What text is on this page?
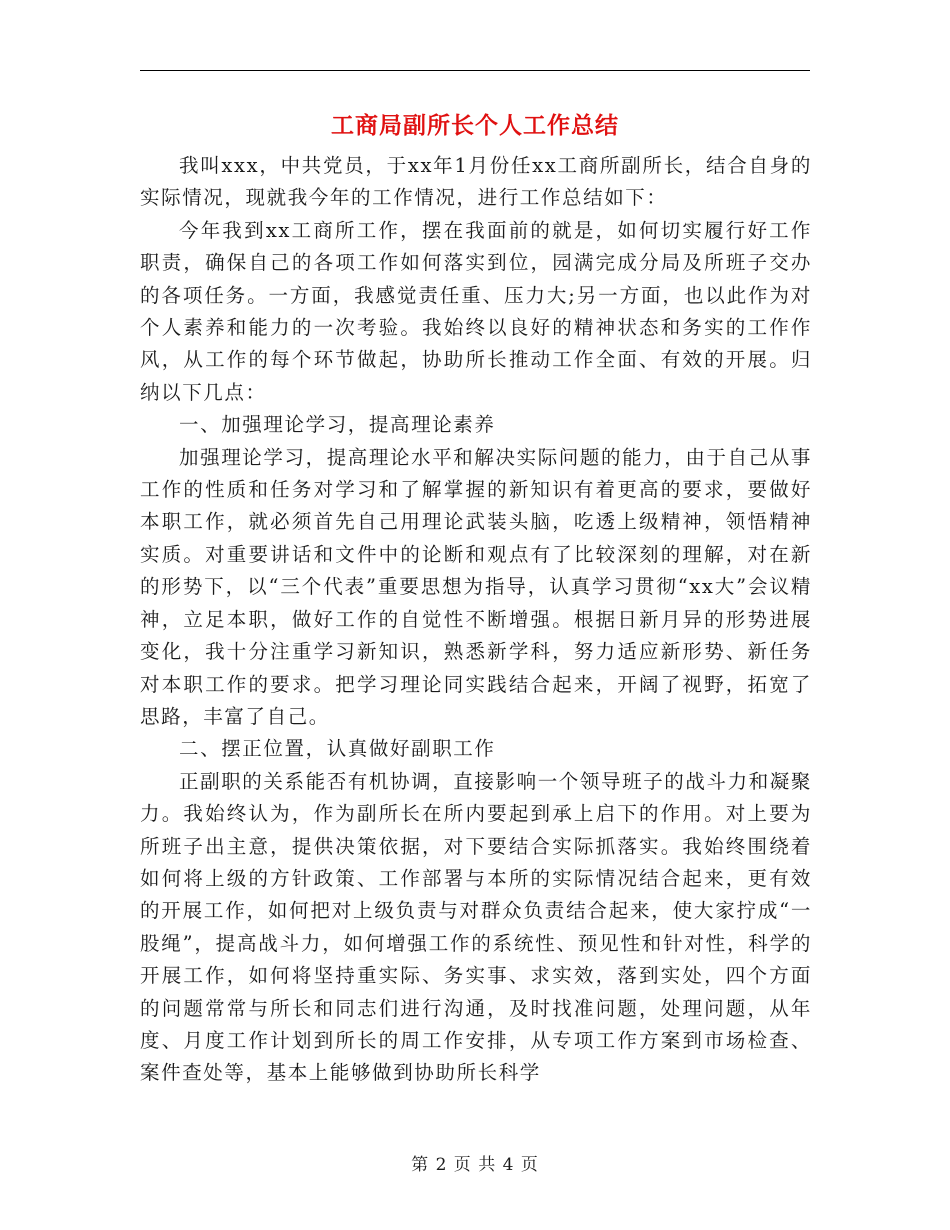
工商局副所长个人工作总结

我叫xxx，中共党员，于xx年1月份任xx工商所副所长，结合自身的实际情况，现就我今年的工作情况，进行工作总结如下：

今年我到xx工商所工作，摆在我面前的就是，如何切实履行好工作职责，确保自己的各项工作如何落实到位，园满完成分局及所班子交办的各项任务。一方面，我感觉责任重、压力大;另一方面，也以此作为对个人素养和能力的一次考验。我始终以良好的精神状态和务实的工作作风，从工作的每个环节做起，协助所长推动工作全面、有效的开展。归纳以下几点：

一、加强理论学习，提高理论素养

加强理论学习，提高理论水平和解决实际问题的能力，由于自己从事工作的性质和任务对学习和了解掌握的新知识有着更高的要求，要做好本职工作，就必须首先自己用理论武装头脑，吃透上级精神，领悟精神实质。对重要讲话和文件中的论断和观点有了比较深刻的理解，对在新的形势下，以“三个代表”重要思想为指导，认真学习贯彻“xx大”会议精神，立足本职，做好工作的自觉性不断增强。根据日新月异的形势进展变化，我十分注重学习新知识，熟悉新学科，努力适应新形势、新任务对本职工作的要求。把学习理论同实践结合起来，开阔了视野，拓宽了思路，丰富了自己。

二、摆正位置，认真做好副职工作

正副职的关系能否有机协调，直接影响一个领导班子的战斗力和凝聚力。我始终认为，作为副所长在所内要起到承上启下的作用。对上要为所班子出主意，提供决策依据，对下要结合实际抓落实。我始终围绕着如何将上级的方针政策、工作部署与本所的实际情况结合起来，更有效的开展工作，如何把对上级负责与对群众负责结合起来，使大家拧成“一股绳”，提高战斗力，如何增强工作的系统性、预见性和针对性，科学的开展工作，如何将坚持重实际、务实事、求实效，落到实处，四个方面的问题常常与所长和同志们进行沟通，及时找准问题，处理问题，从年度、月度工作计划到所长的周工作安排，从专项工作方案到市场检查、案件查处等，基本上能够做到协助所长科学

第 2 页 共 4 页
